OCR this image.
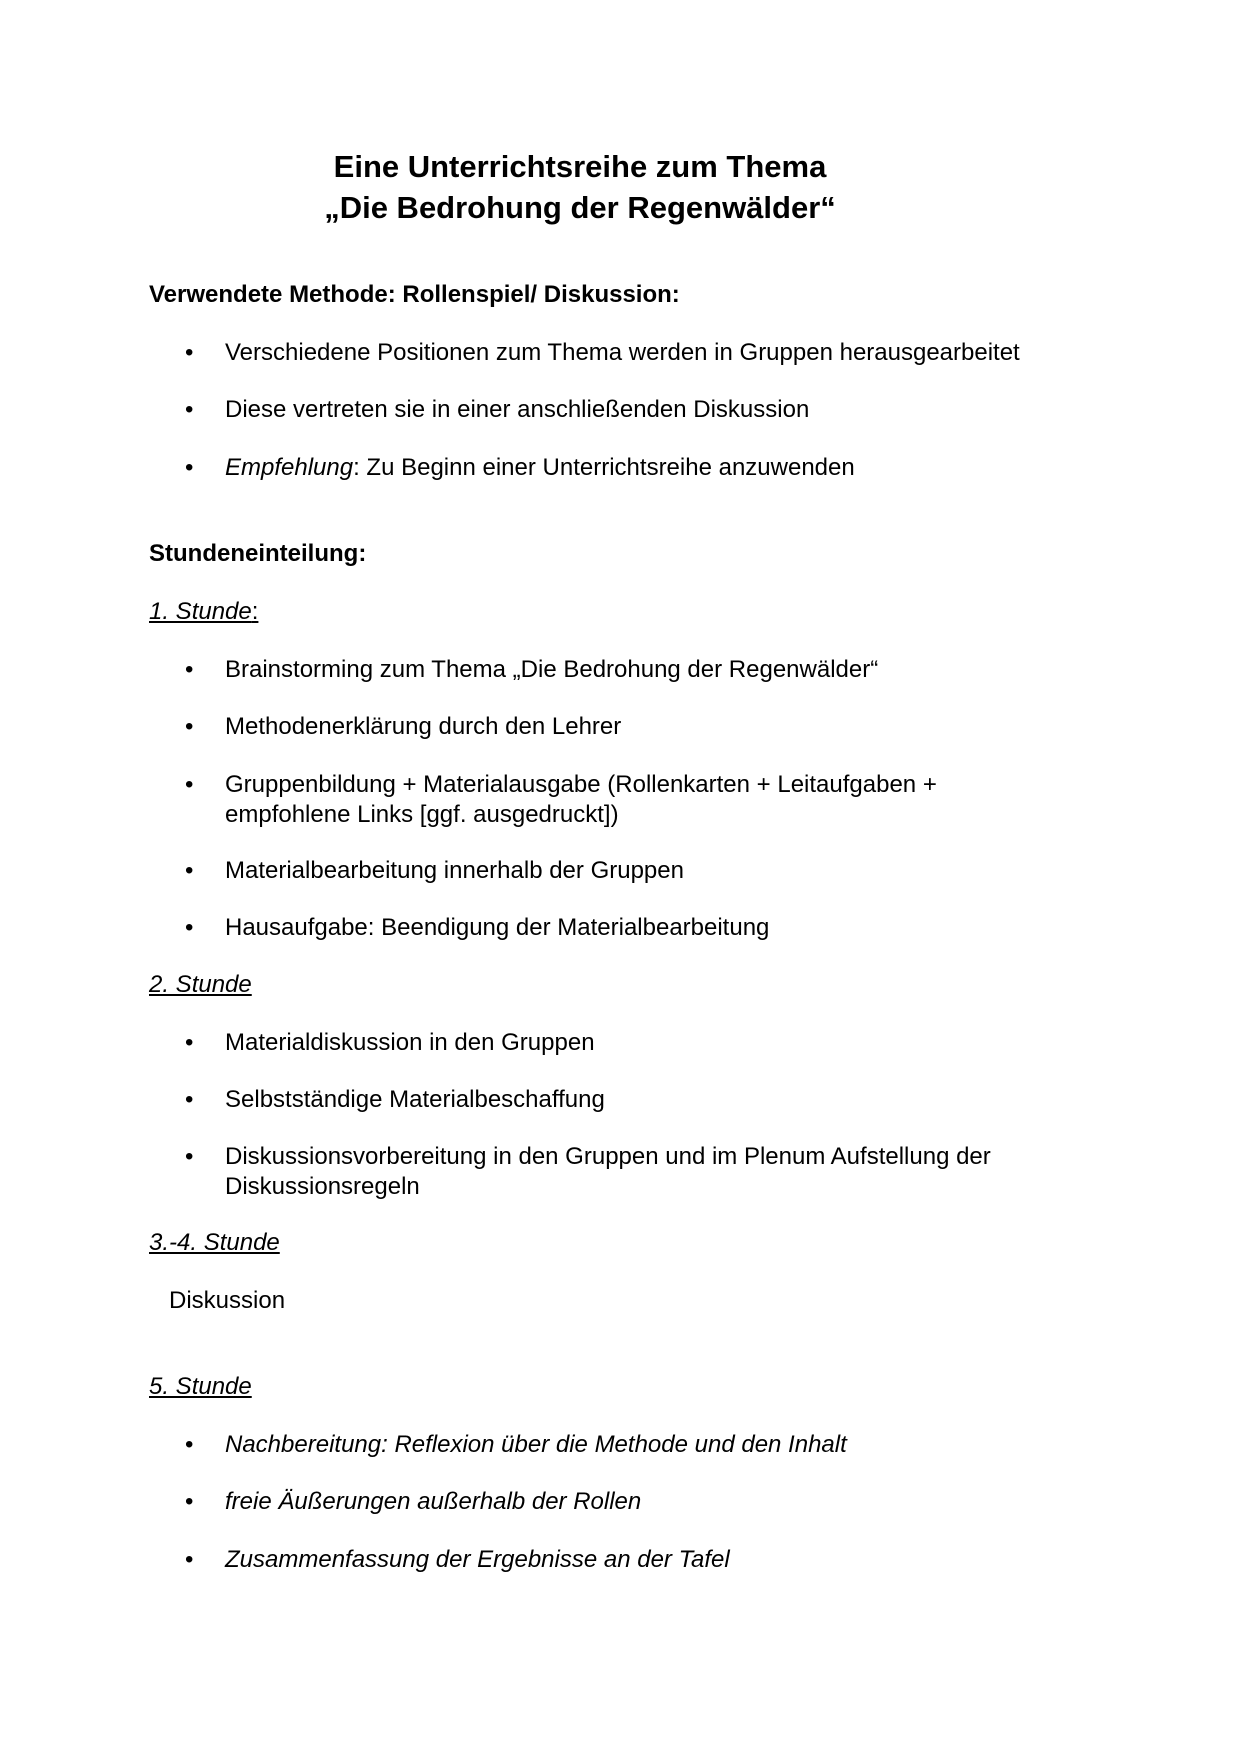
Eine Unterrichtsreihe zum Thema
„Die Bedrohung der Regenwälder“
Verwendete Methode: Rollenspiel/ Diskussion:
•	Verschiedene Positionen zum Thema werden in Gruppen herausgearbeitet
•	Diese vertreten sie in einer anschließenden Diskussion
•	Empfehlung: Zu Beginn einer Unterrichtsreihe anzuwenden
Stundeneinteilung:
1. Stunde:
•	Brainstorming zum Thema „Die Bedrohung der Regenwälder“
•	Methodenerklärung durch den Lehrer
•	Gruppenbildung + Materialausgabe (Rollenkarten + Leitaufgaben + empfohlene Links [ggf. ausgedruckt])
•	Materialbearbeitung innerhalb der Gruppen
•	Hausaufgabe: Beendigung der Materialbearbeitung
2. Stunde
•	Materialdiskussion in den Gruppen
•	Selbstständige Materialbeschaffung
•	Diskussionsvorbereitung in den Gruppen und im Plenum Aufstellung der Diskussionsregeln
3.-4. Stunde
Diskussion
5. Stunde
•	Nachbereitung: Reflexion über die Methode und den Inhalt
•	freie Äußerungen außerhalb der Rollen
•	Zusammenfassung der Ergebnisse an der Tafel
